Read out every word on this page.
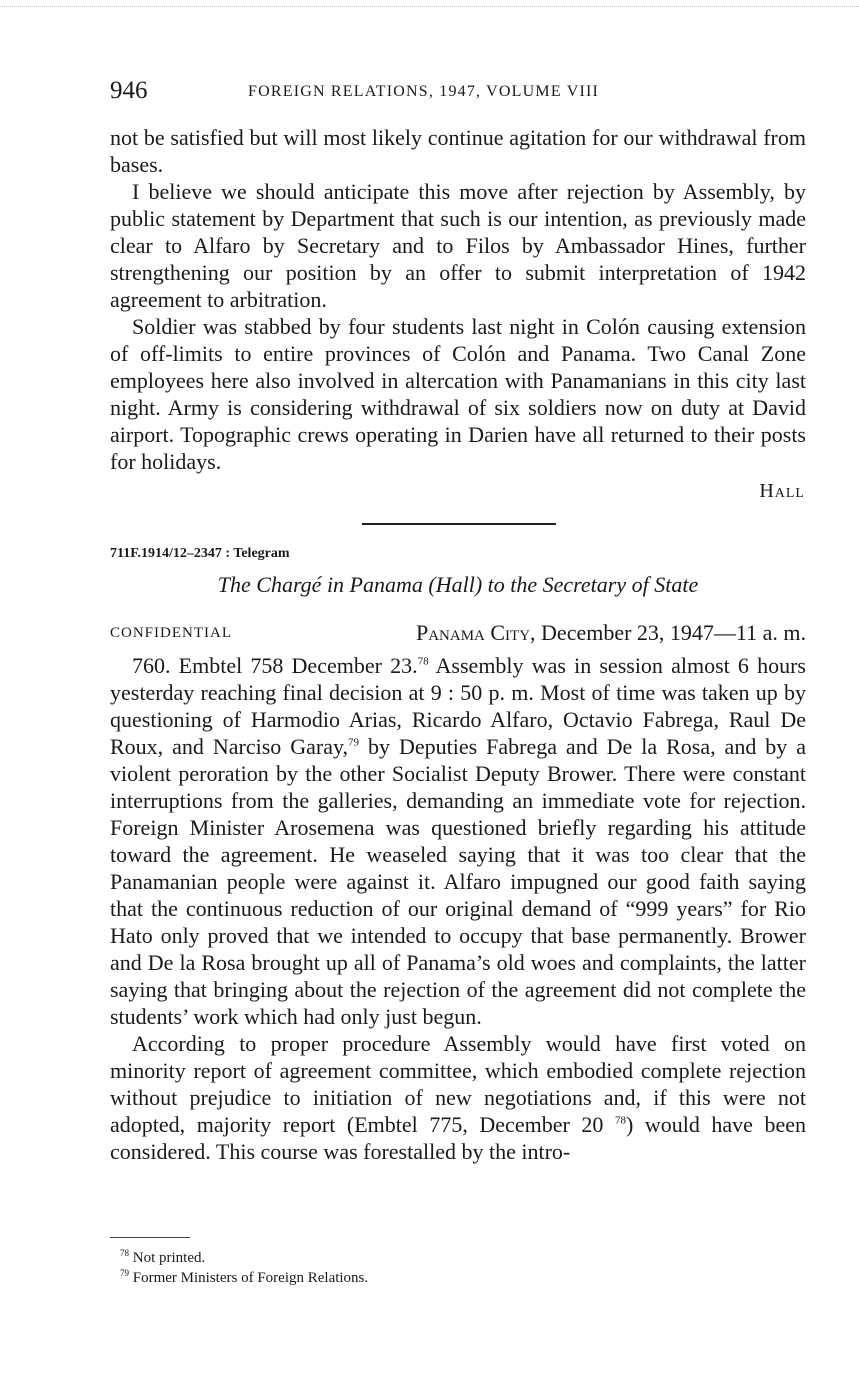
946	FOREIGN RELATIONS, 1947, VOLUME VIII

not be satisfied but will most likely continue agitation for our withdrawal from bases.

I believe we should anticipate this move after rejection by Assembly, by public statement by Department that such is our intention, as previously made clear to Alfaro by Secretary and to Filos by Ambassador Hines, further strengthening our position by an offer to submit interpretation of 1942 agreement to arbitration.

Soldier was stabbed by four students last night in Colón causing extension of off-limits to entire provinces of Colón and Panama. Two Canal Zone employees here also involved in altercation with Panamanians in this city last night. Army is considering withdrawal of six soldiers now on duty at David airport. Topographic crews operating in Darien have all returned to their posts for holidays.

Hall
711F.1914/12–2347 : Telegram
The Chargé in Panama (Hall) to the Secretary of State
CONFIDENTIAL	Panama City, December 23, 1947—11 a. m.

760. Embtel 758 December 23.78 Assembly was in session almost 6 hours yesterday reaching final decision at 9 : 50 p. m. Most of time was taken up by questioning of Harmodio Arias, Ricardo Alfaro, Octavio Fabrega, Raul De Roux, and Narciso Garay,$^{79}$ by Deputies Fabrega and De la Rosa, and by a violent peroration by the other Socialist Deputy Brower. There were constant interruptions from the galleries, demanding an immediate vote for rejection. Foreign Minister Arosemena was questioned briefly regarding his attitude toward the agreement. He weaseled saying that it was too clear that the Panamanian people were against it. Alfaro impugned our good faith saying that the continuous reduction of our original demand of “999 years” for Rio Hato only proved that we intended to occupy that base permanently. Brower and De la Rosa brought up all of Panama’s old woes and complaints, the latter saying that bringing about the rejection of the agreement did not complete the students’ work which had only just begun.

According to proper procedure Assembly would have first voted on minority report of agreement committee, which embodied complete rejection without prejudice to initiation of new negotiations and, if this were not adopted, majority report (Embtel 775, December 20 $^{78}$) would have been considered. This course was forestalled by the intro-

$^{78}$ Not printed.

$^{79}$ Former Ministers of Foreign Relations.
